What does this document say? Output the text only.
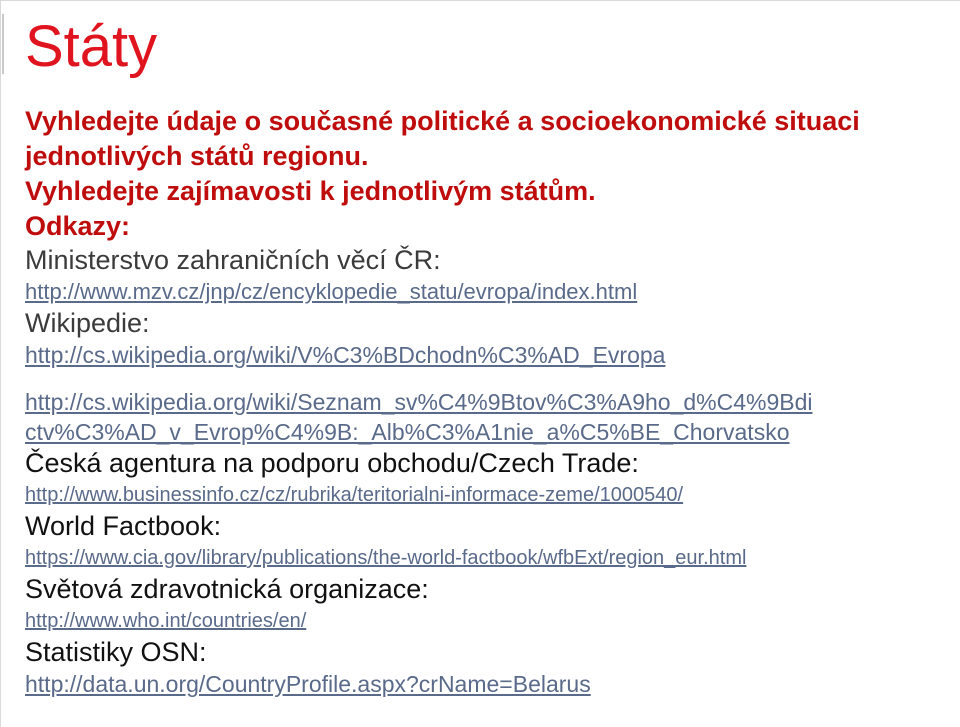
Státy
Vyhledejte údaje o současné politické a socioekonomické situaci
jednotlivých států regionu.
Vyhledejte zajímavosti k jednotlivým státům.
Odkazy:
Ministerstvo zahraničních věcí ČR:
http://www.mzv.cz/jnp/cz/encyklopedie_statu/evropa/index.html
Wikipedie:
http://cs.wikipedia.org/wiki/V%C3%BDchodn%C3%AD_Evropa
http://cs.wikipedia.org/wiki/Seznam_sv%C4%9Btov%C3%A9ho_d%C4%9Bdi
ctv%C3%AD_v_Evrop%C4%9B:_Alb%C3%A1nie_a%C5%BE_Chorvatsko
Česká agentura na podporu obchodu/Czech Trade:
http://www.businessinfo.cz/cz/rubrika/teritorialni-informace-zeme/1000540/
World Factbook:
https://www.cia.gov/library/publications/the-world-factbook/wfbExt/region_eur.html
Světová zdravotnická organizace:
http://www.who.int/countries/en/
Statistiky OSN:
http://data.un.org/CountryProfile.aspx?crName=Belarus
